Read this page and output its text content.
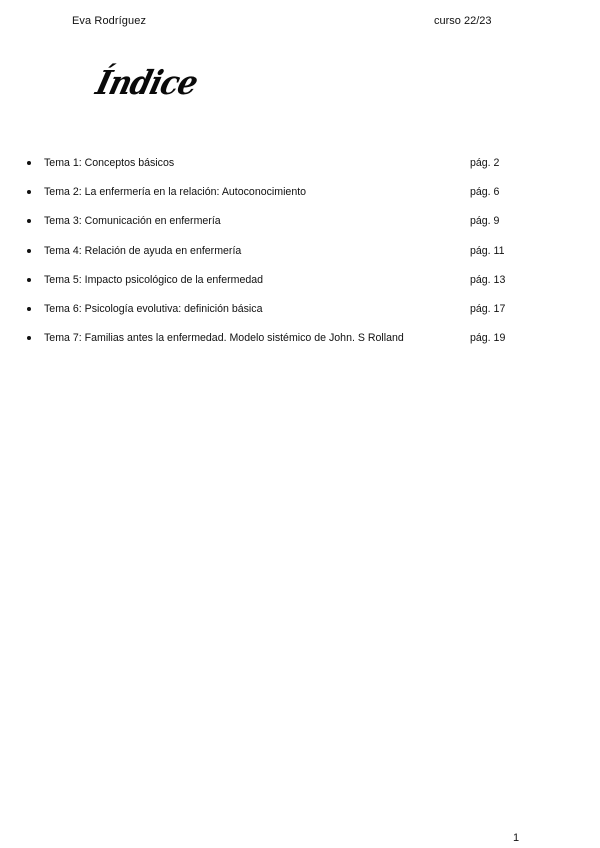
Eva Rodríguez	curso 22/23
Índice
Tema 1: Conceptos básicos	pág. 2
Tema 2: La enfermería en la relación: Autoconocimiento	pág. 6
Tema 3: Comunicación en enfermería	pág. 9
Tema 4: Relación de ayuda en enfermería	pág. 11
Tema 5: Impacto psicológico de la enfermedad	pág. 13
Tema 6: Psicología evolutiva: definición básica	pág. 17
Tema 7: Familias antes la enfermedad. Modelo sistémico de John. S Rolland	pág. 19
1
